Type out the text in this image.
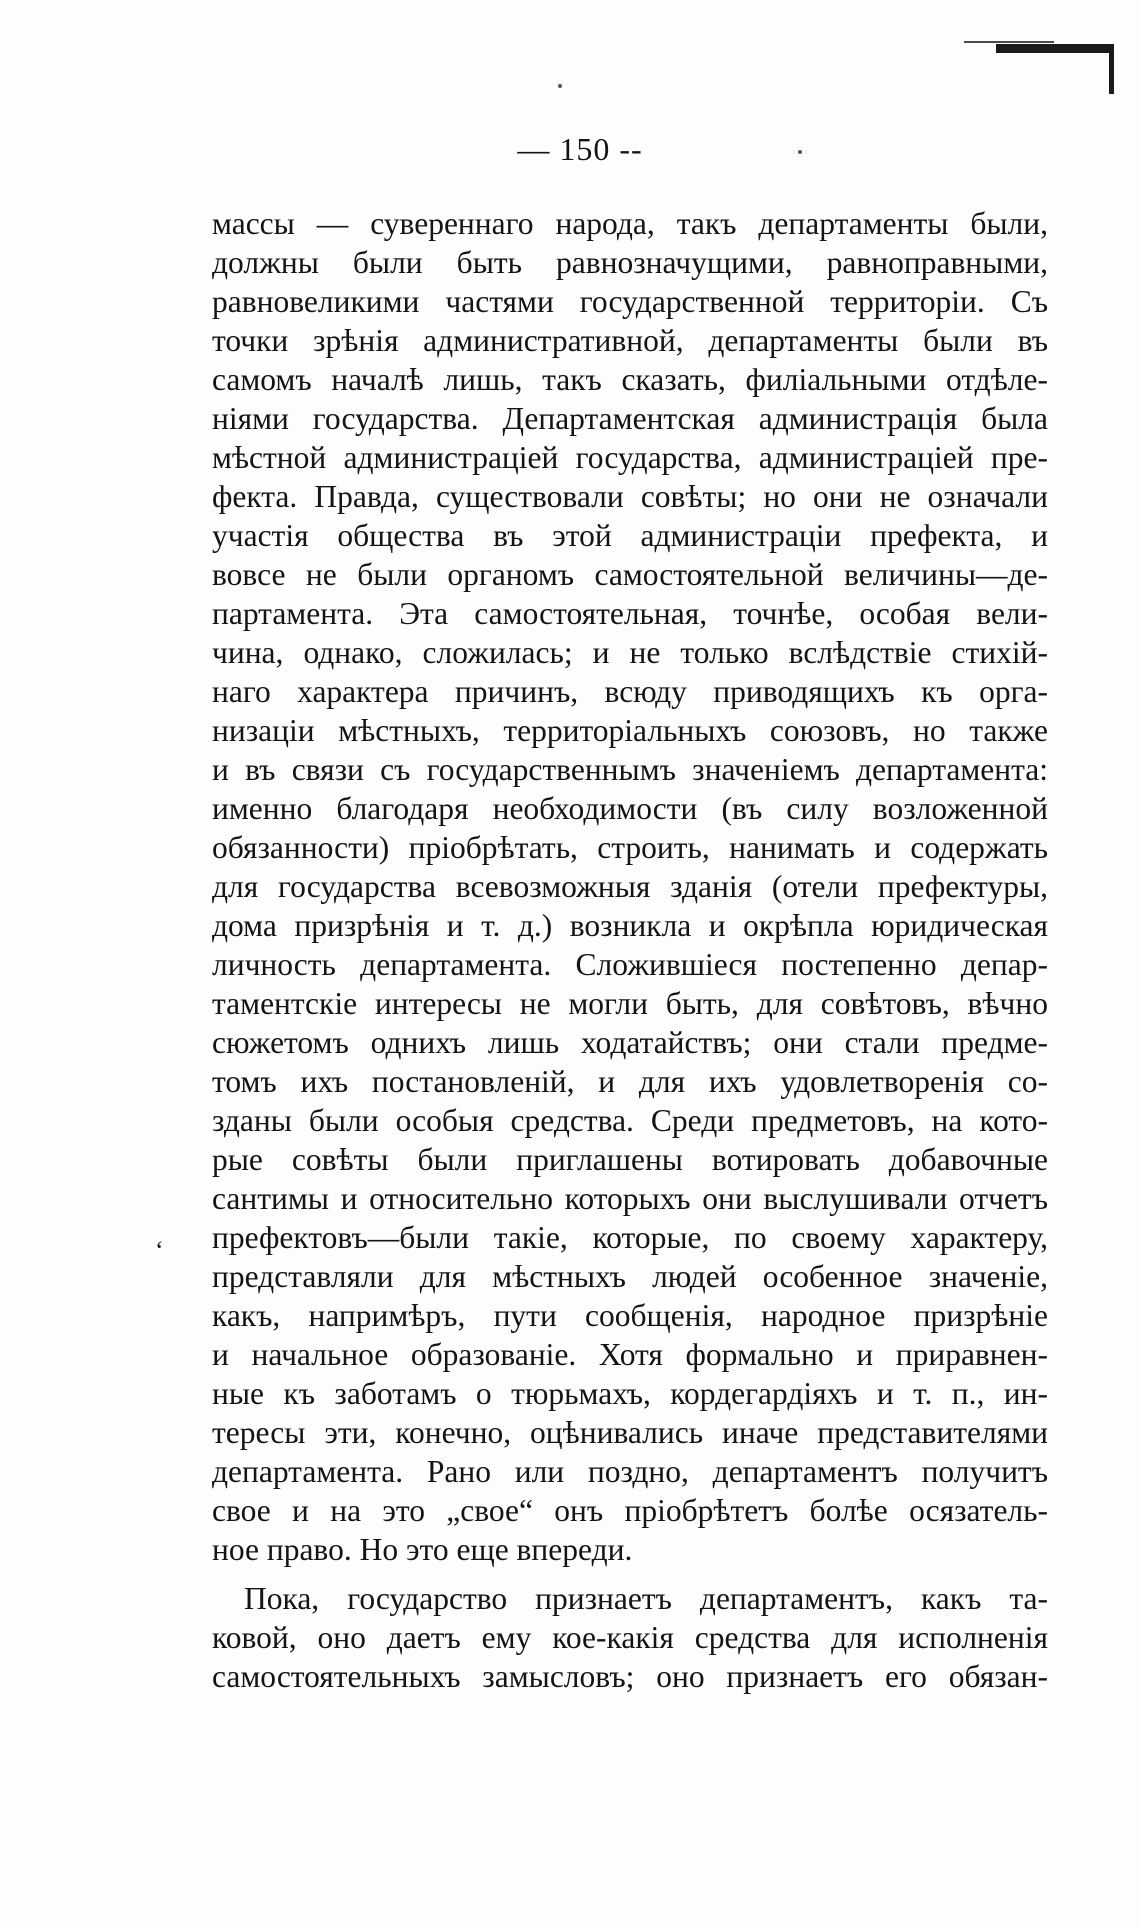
— 150 --
‘
массы — сувереннаго народа, такъ департаменты были,
должны были быть равнозначущими, равноправными,
равновеликими частями государственной территоріи. Съ
точки зрѣнія административной, департаменты были въ
самомъ началѣ лишь, такъ сказать, филіальными отдѣле-
ніями государства. Департаментская администрація была
мѣстной администраціей государства, администраціей пре-
фекта. Правда, существовали совѣты; но они не означали
участія общества въ этой администраціи префекта, и
вовсе не были органомъ самостоятельной величины—де-
партамента. Эта самостоятельная, точнѣе, особая вели-
чина, однако, сложилась; и не только вслѣдствіе стихій-
наго характера причинъ, всюду приводящихъ къ орга-
низаціи мѣстныхъ, территоріальныхъ союзовъ, но также
и въ связи съ государственнымъ значеніемъ департамента:
именно благодаря необходимости (въ силу возложенной
обязанности) пріобрѣтать, строить, нанимать и содержать
для государства всевозможныя зданія (отели префектуры,
дома призрѣнія и т. д.) возникла и окрѣпла юридическая
личность департамента. Сложившіеся постепенно депар-
таментскіе интересы не могли быть, для совѣтовъ, вѣчно
сюжетомъ однихъ лишь ходатайствъ; они стали предме-
томъ ихъ постановленій, и для ихъ удовлетворенія со-
зданы были особыя средства. Среди предметовъ, на кото-
рые совѣты были приглашены вотировать добавочные
сантимы и относительно которыхъ они выслушивали отчетъ
префектовъ—были такіе, которые, по своему характеру,
представляли для мѣстныхъ людей особенное значеніе,
какъ, напримѣръ, пути сообщенія, народное призрѣніе
и начальное образованіе. Хотя формально и приравнен-
ные къ заботамъ о тюрьмахъ, кордегардіяхъ и т. п., ин-
тересы эти, конечно, оцѣнивались иначе представителями
департамента. Рано или поздно, департаментъ получитъ
свое и на это „свое“ онъ пріобрѣтетъ болѣе осязатель-
ное право. Но это еще впереди.
Пока, государство признаетъ департаментъ, какъ та-
ковой, оно даетъ ему кое-какія средства для исполненія
самостоятельныхъ замысловъ; оно признаетъ его обязан-
